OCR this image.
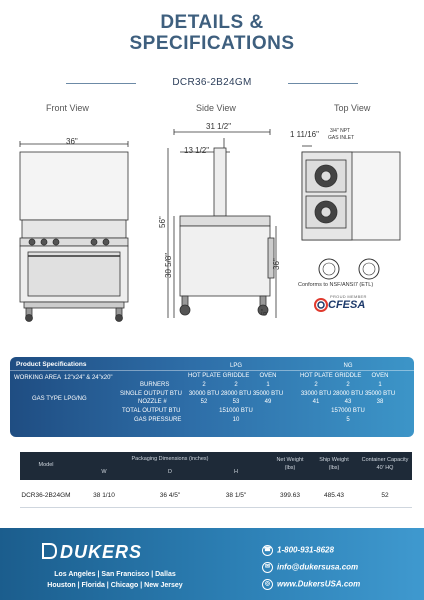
DETAILS &
SPECIFICATIONS
DCR36-2B24GM
Front View	Side View	Top View
36"
31 1/2"
13 1/2"
56"
30 5/8"	36"
6"
1 11/16" 3/4" NPT
GAS INLET
Conforms to NSF/ANSI7 (ETL)
PROUD MEMBER
CFESA
Product Specifications	LPG	NG
WORKING AREA 12"x24" & 24"x20"
GAS TYPE LPG/NG
HOT PLATE GRIDDLE	OVEN	HOT PLATE GRIDDLE	OVEN
BURNERS	2	2	1	2	2	1
SINGLE OUTPUT BTU 30000 BTU 28000 BTU 35000 BTU	33000 BTU 28000 BTU 35000 BTU
NOZZLE #	52	53	49	41	43	38
TOTAL OUTPUT BTU	151000 BTU	157000 BTU
GAS PRESSURE	10	5
Model
Packaging Dimensions (inches)
W	D	H
Net Weight
(lbs)
Ship Weight
(lbs)
Container Capacity
40' HQ
DCR36-2B24GM	38 1/10	36 4/5"	38 1/5"	399.63	485.43	52
DUKERS
Los Angeles | San Francisco | Dallas
Houston | Florida | Chicago | New Jersey
☎ 1-800-931-8628
✉ info@dukersusa.com
◎ www.DukersUSA.com
